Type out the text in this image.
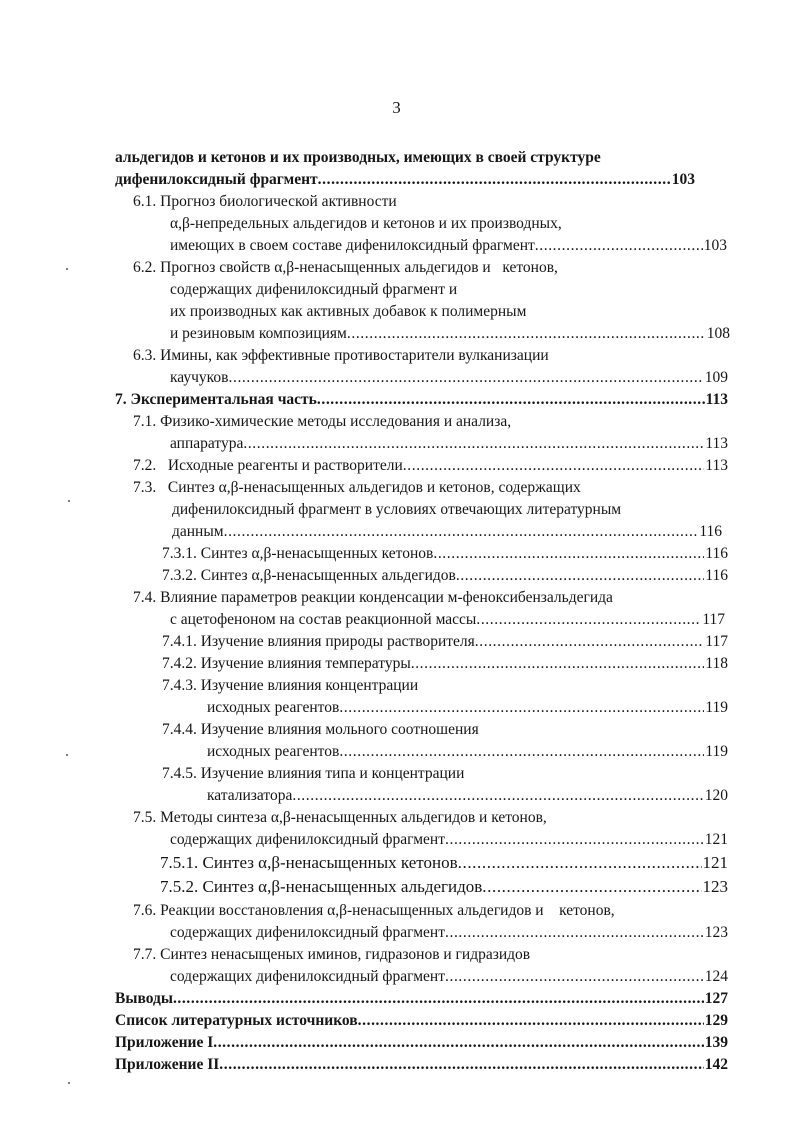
3
альдегидов и кетонов и их производных, имеющих в своей структуре
дифенилоксидный фрагмент .....	103
6.1. Прогноз биологической активности
α,β-непредельных альдегидов и кетонов и их производных,
имеющих в своем составе дифенилоксидный фрагмент .....	103
6.2. Прогноз свойств α,β-ненасыщенных альдегидов и   кетонов,
содержащих дифенилоксидный фрагмент и
их производных как активных добавок к полимерным
и резиновым композициям .....	108
6.3. Имины, как эффективные противостарители вулканизации
каучуков .....	109
7. Экспериментальная часть .....	113
7.1. Физико-химические методы исследования и анализа,
аппаратура .....	113
7.2.   Исходные реагенты и растворители .....	113
7.3.   Синтез α,β-ненасыщенных альдегидов и кетонов, содержащих
дифенилоксидный фрагмент в условиях отвечающих литературным
данным .....	116
7.3.1. Синтез α,β-ненасыщенных кетонов .....	116
7.3.2. Синтез α,β-ненасыщенных альдегидов .....	116
7.4. Влияние параметров реакции конденсации м-феноксибензальдегида
с ацетофеноном на состав реакционной массы .....	117
7.4.1. Изучение влияния природы растворителя .....	117
7.4.2. Изучение влияния температуры .....	118
7.4.3. Изучение влияния концентрации
исходных реагентов .....	119
7.4.4. Изучение влияния мольного соотношения
исходных реагентов .....	119
7.4.5. Изучение влияния типа и концентрации
катализатора .....	120
7.5. Методы синтеза α,β-ненасыщенных альдегидов и кетонов,
содержащих дифенилоксидный фрагмент .....	121
7.5.1. Синтез α,β-ненасыщенных кетонов .....	121
7.5.2. Синтез α,β-ненасыщенных альдегидов .....	123
7.6. Реакции восстановления α,β-ненасыщенных альдегидов и    кетонов,
содержащих дифенилоксидный фрагмент .....	123
7.7. Синтез ненасыщеных иминов, гидразонов и гидразидов
содержащих дифенилоксидный фрагмент .....	124
Выводы .....	127
Список литературных источников .....	129
Приложение I .....	139
Приложение II .....	142
